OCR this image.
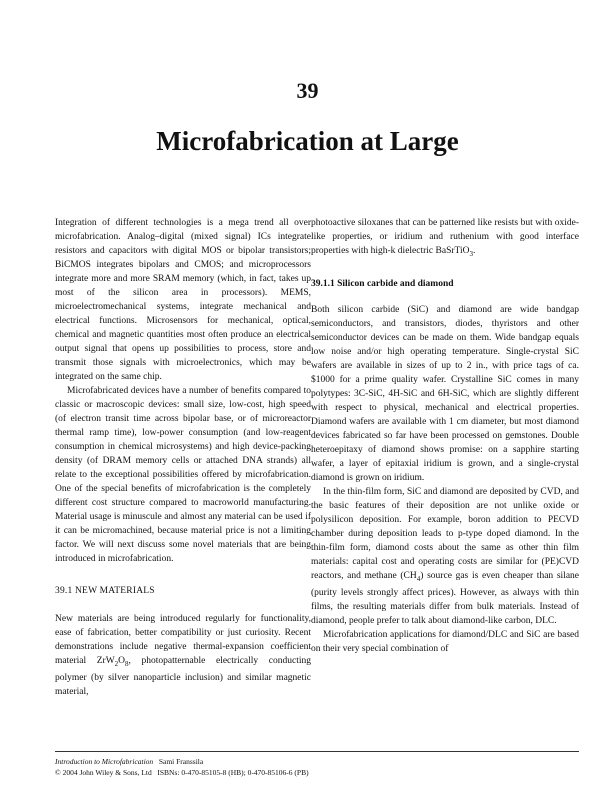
39
Microfabrication at Large

Integration of different technologies is a mega trend all over microfabrication. Analog–digital (mixed signal) ICs integrate resistors and capacitors with digital MOS or bipolar transistors; BiCMOS integrates bipolars and CMOS; and microprocessors integrate more and more SRAM memory (which, in fact, takes up most of the silicon area in processors). MEMS, microelectromechanical systems, integrate mechanical and electrical functions. Microsensors for mechanical, optical, chemical and magnetic quantities most often produce an electrical output signal that opens up possibilities to process, store and transmit those signals with microelectronics, which may be integrated on the same chip.

Microfabricated devices have a number of benefits compared to classic or macroscopic devices: small size, low-cost, high speed (of electron transit time across bipolar base, or of microreactor thermal ramp time), low-power consumption (and low-reagent consumption in chemical microsystems) and high device-packing density (of DRAM memory cells or attached DNA strands) all relate to the exceptional possibilities offered by microfabrication. One of the special benefits of microfabrication is the completely different cost structure compared to macroworld manufacturing. Material usage is minuscule and almost any material can be used if it can be micromachined, because material price is not a limiting factor. We will next discuss some novel materials that are being introduced in microfabrication.

39.1 NEW MATERIALS

New materials are being introduced regularly for functionality, ease of fabrication, better compatibility or just curiosity. Recent demonstrations include negative thermal-expansion coefficient material $ZrW_2O_8$, photopatternable electrically conducting polymer (by silver nanoparticle inclusion) and similar magnetic material,

photoactive siloxanes that can be patterned like resists but with oxide-like properties, or iridium and ruthenium with good interface properties with high-k dielectric BaSrTiO$_3$.

39.1.1 Silicon carbide and diamond

Both silicon carbide (SiC) and diamond are wide bandgap semiconductors, and transistors, diodes, thyristors and other semiconductor devices can be made on them. Wide bandgap equals low noise and/or high operating temperature. Single-crystal SiC wafers are available in sizes of up to 2 in., with price tags of ca. $1000 for a prime quality wafer. Crystalline SiC comes in many polytypes: 3C-SiC, 4H-SiC and 6H-SiC, which are slightly different with respect to physical, mechanical and electrical properties. Diamond wafers are available with 1 cm diameter, but most diamond devices fabricated so far have been processed on gemstones. Double heteroepitaxy of diamond shows promise: on a sapphire starting wafer, a layer of epitaxial iridium is grown, and a single-crystal diamond is grown on iridium.

In the thin-film form, SiC and diamond are deposited by CVD, and the basic features of their deposition are not unlike oxide or polysilicon deposition. For example, boron addition to PECVD chamber during deposition leads to p-type doped diamond. In the thin-film form, diamond costs about the same as other thin film materials: capital cost and operating costs are similar for (PE)CVD reactors, and methane $(CH_4)$ source gas is even cheaper than silane (purity levels strongly affect prices). However, as always with thin films, the resulting materials differ from bulk materials. Instead of diamond, people prefer to talk about diamond-like carbon, DLC.

Microfabrication applications for diamond/DLC and SiC are based on their very special combination of

Introduction to Microfabrication Sami Franssila
© 2004 John Wiley & Sons, Ltd ISBNs: 0-470-85105-8 (HB); 0-470-85106-6 (PB)
